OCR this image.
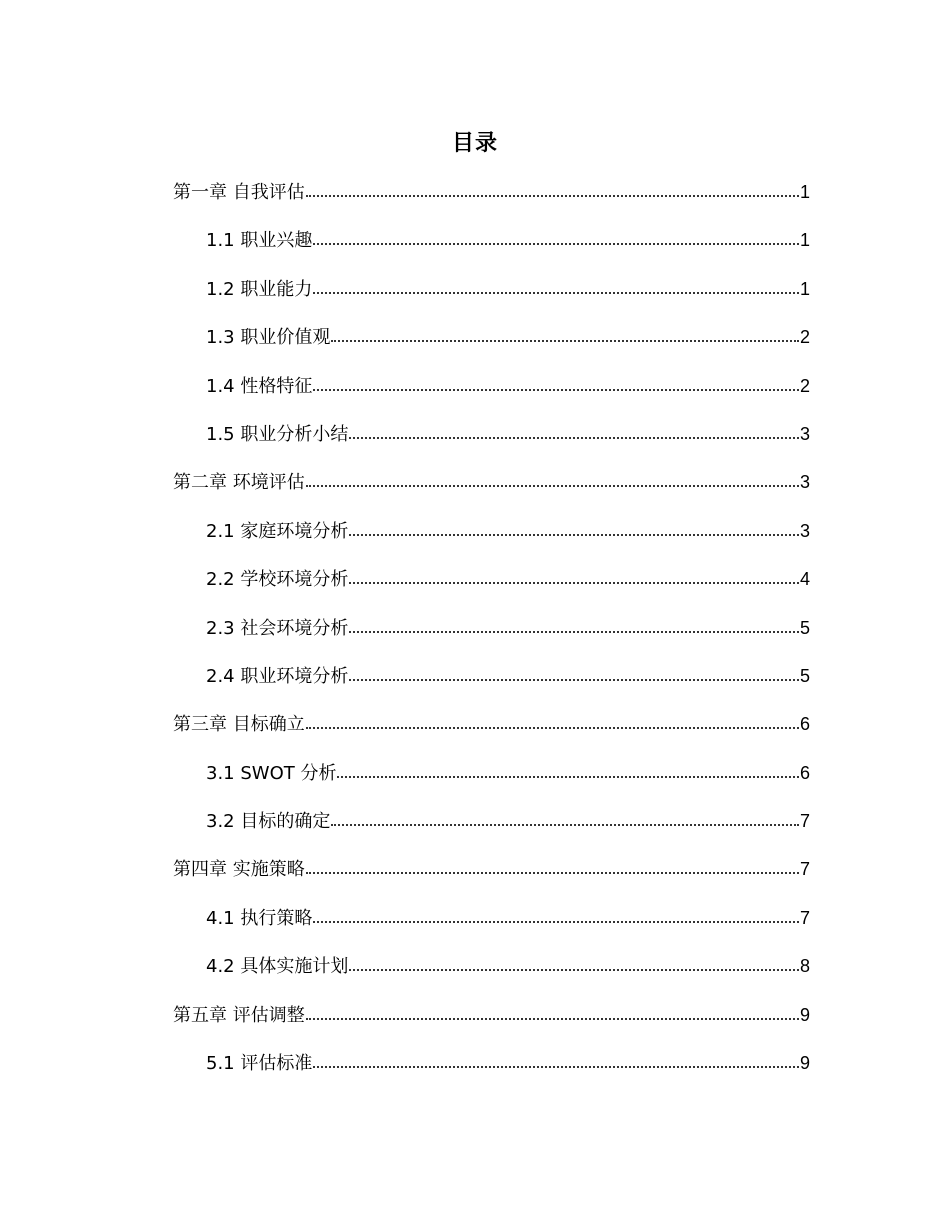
目录
第一章 自我评估	1
1.1 职业兴趣	1
1.2 职业能力	1
1.3 职业价值观	2
1.4 性格特征	2
1.5 职业分析小结	3
第二章 环境评估	3
2.1 家庭环境分析	3
2.2 学校环境分析	4
2.3 社会环境分析	5
2.4 职业环境分析	5
第三章 目标确立	6
3.1 SWOT 分析	6
3.2 目标的确定	7
第四章 实施策略	7
4.1 执行策略	7
4.2 具体实施计划	8
第五章 评估调整	9
5.1 评估标准	9
